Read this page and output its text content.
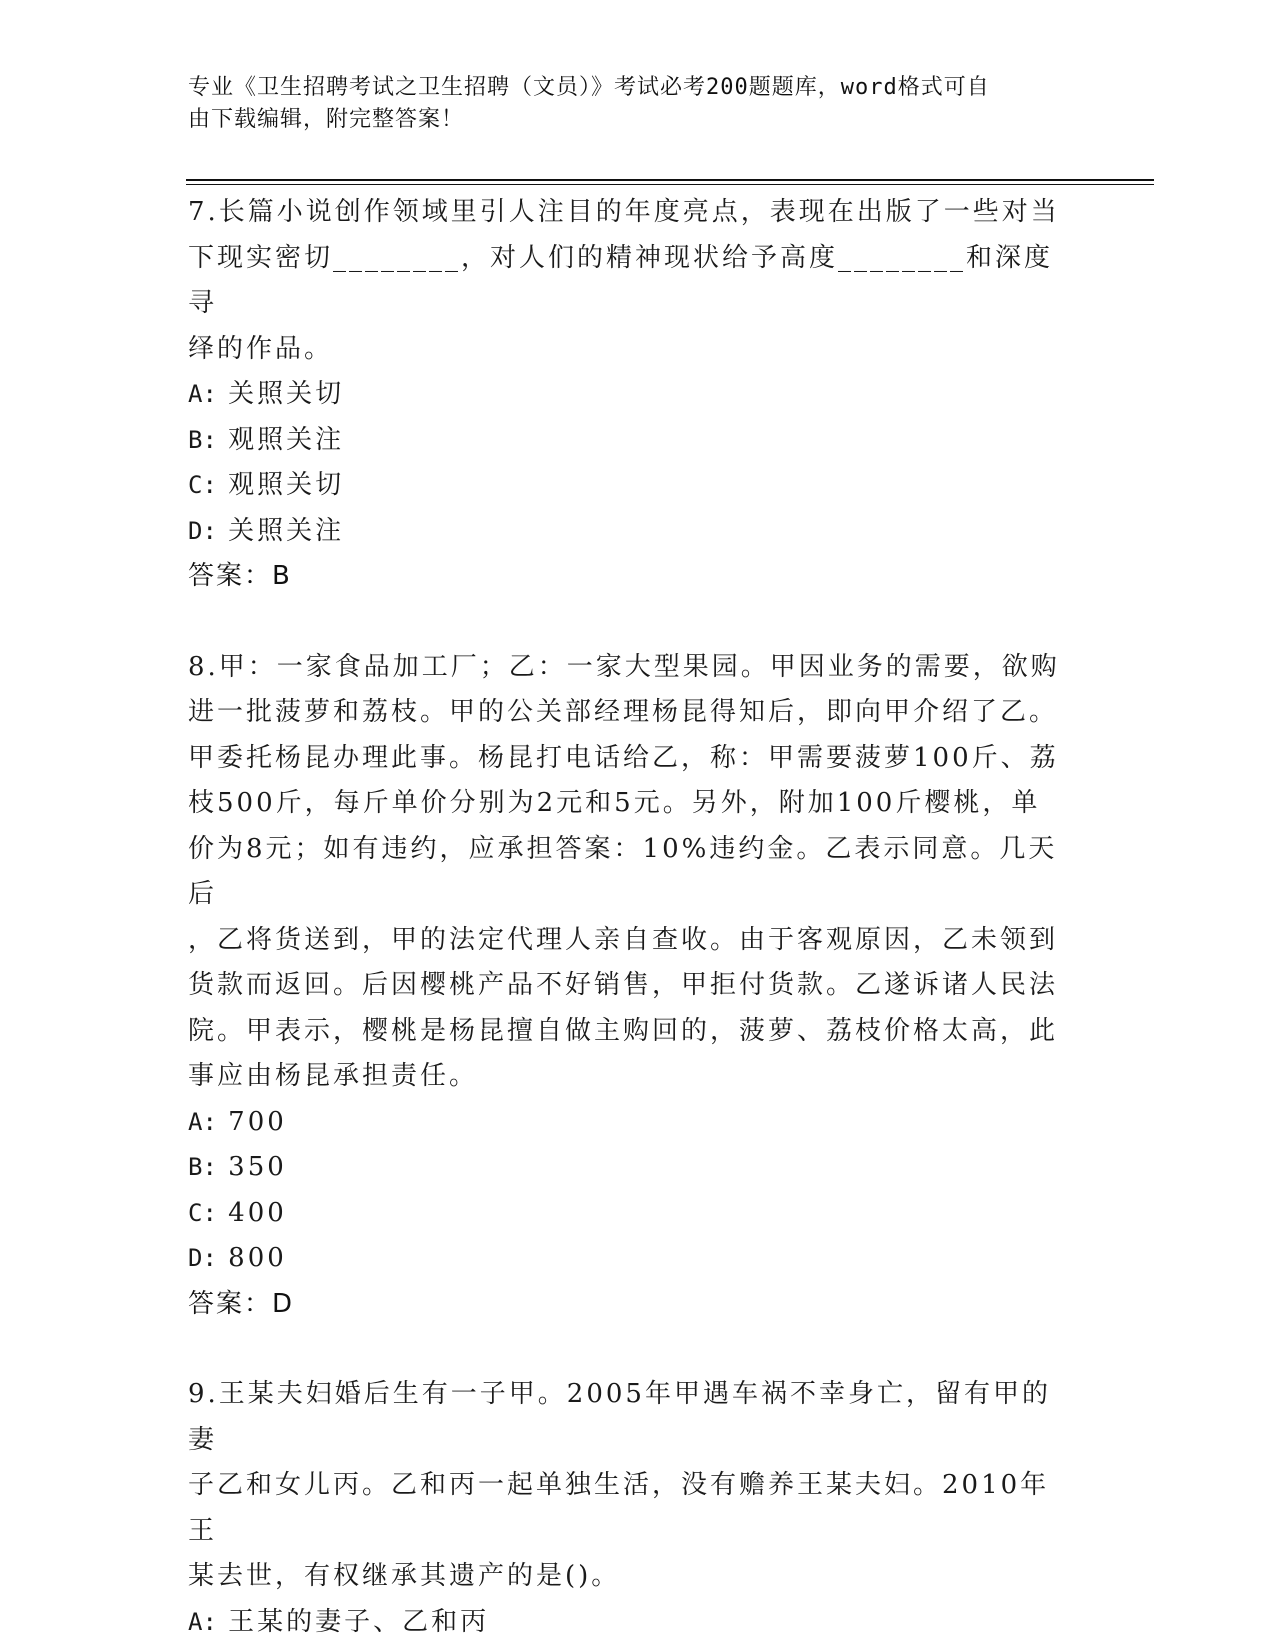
专业《卫生招聘考试之卫生招聘（文员）》考试必考200题题库，word格式可自
由下载编辑，附完整答案！

7.长篇小说创作领域里引人注目的年度亮点，表现在出版了一些对当

下现实密切________，对人们的精神现状给予高度________和深度寻

绎的作品。

A: 关照关切

B: 观照关注

C: 观照关切

D: 关照关注

答案：B

8.甲：一家食品加工厂；乙：一家大型果园。甲因业务的需要，欲购

进一批菠萝和荔枝。甲的公关部经理杨昆得知后，即向甲介绍了乙。

甲委托杨昆办理此事。杨昆打电话给乙，称：甲需要菠萝100斤、荔

枝500斤，每斤单价分别为2元和5元。另外，附加100斤樱桃，单

价为8元；如有违约，应承担答案：10%违约金。乙表示同意。几天后

，乙将货送到，甲的法定代理人亲自查收。由于客观原因，乙未领到

货款而返回。后因樱桃产品不好销售，甲拒付货款。乙遂诉诸人民法

院。甲表示，樱桃是杨昆擅自做主购回的，菠萝、荔枝价格太高，此

事应由杨昆承担责任。

A: 700

B: 350

C: 400

D: 800

答案：D

9.王某夫妇婚后生有一子甲。2005年甲遇车祸不幸身亡，留有甲的妻

子乙和女儿丙。乙和丙一起单独生活，没有赡养王某夫妇。2010年王

某去世，有权继承其遗产的是()。

A: 王某的妻子、乙和丙
